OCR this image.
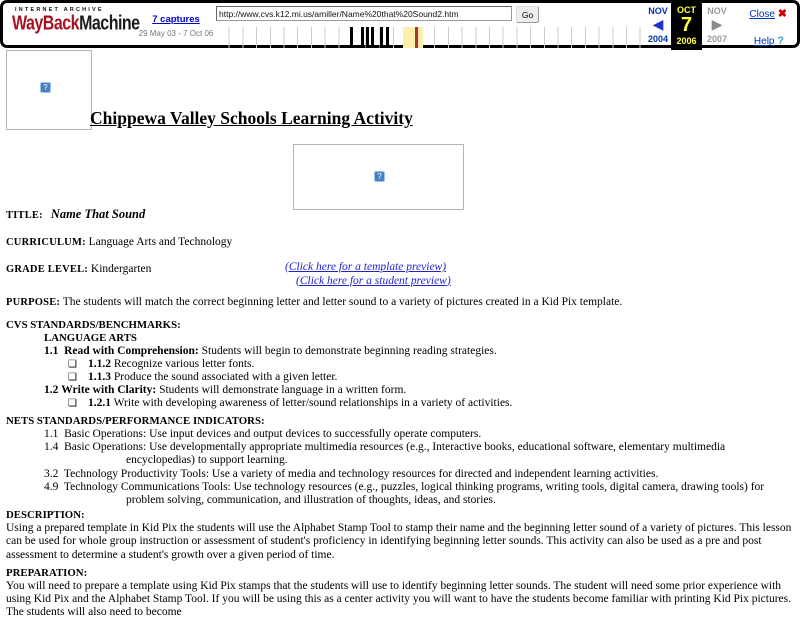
INTERNET ARCHIVE
WayBackMachine	7 captures
29 May 03 - 7 Oct 06
http://www.cvs.k12.mi.us/amiller/Name%20that%20Sound2.htm
Go	NOV
◀
2004
OCT
7
2006
NOV
▶
2007
Close ✖
Help ?
?
Chippewa Valley Schools Learning Activity
?
TITLE: Name That Sound
CURRICULUM: Language Arts and Technology
GRADE LEVEL: Kindergarten	(Click here for a template preview)
(Click here for a student preview)
PURPOSE: The students will match the correct beginning letter and letter sound to a variety of pictures created in a Kid Pix template.
CVS STANDARDS/BENCHMARKS:
LANGUAGE ARTS
1.1 Read with Comprehension: Students will begin to demonstrate beginning reading strategies.
❑ 1.1.2 Recognize various letter fonts.
❑ 1.1.3 Produce the sound associated with a given letter.
1.2 Write with Clarity: Students will demonstrate language in a written form.
❑ 1.2.1 Write with developing awareness of letter/sound relationships in a variety of activities.
NETS STANDARDS/PERFORMANCE INDICATORS:
1.1 Basic Operations: Use input devices and output devices to successfully operate computers.
1.4 Basic Operations: Use developmentally appropriate multimedia resources (e.g., Interactive books, educational software, elementary multimedia encyclopedias) to support learning.
3.2 Technology Productivity Tools: Use a variety of media and technology resources for directed and independent learning activities.
4.9 Technology Communications Tools: Use technology resources (e.g., puzzles, logical thinking programs, writing tools, digital camera, drawing tools) for problem solving, communication, and illustration of thoughts, ideas, and stories.
DESCRIPTION:
Using a prepared template in Kid Pix the students will use the Alphabet Stamp Tool to stamp their name and the beginning letter sound of a variety of pictures. This lesson can be used for whole group instruction or assessment of student's proficiency in identifying beginning letter sounds. This activity can also be used as a pre and post assessment to determine a student's growth over a given period of time.
PREPARATION:
You will need to prepare a template using Kid Pix stamps that the students will use to identify beginning letter sounds. The student will need some prior experience with using Kid Pix and the Alphabet Stamp Tool. If you will be using this as a center activity you will want to have the students become familiar with printing Kid Pix pictures. The students will also need to become
